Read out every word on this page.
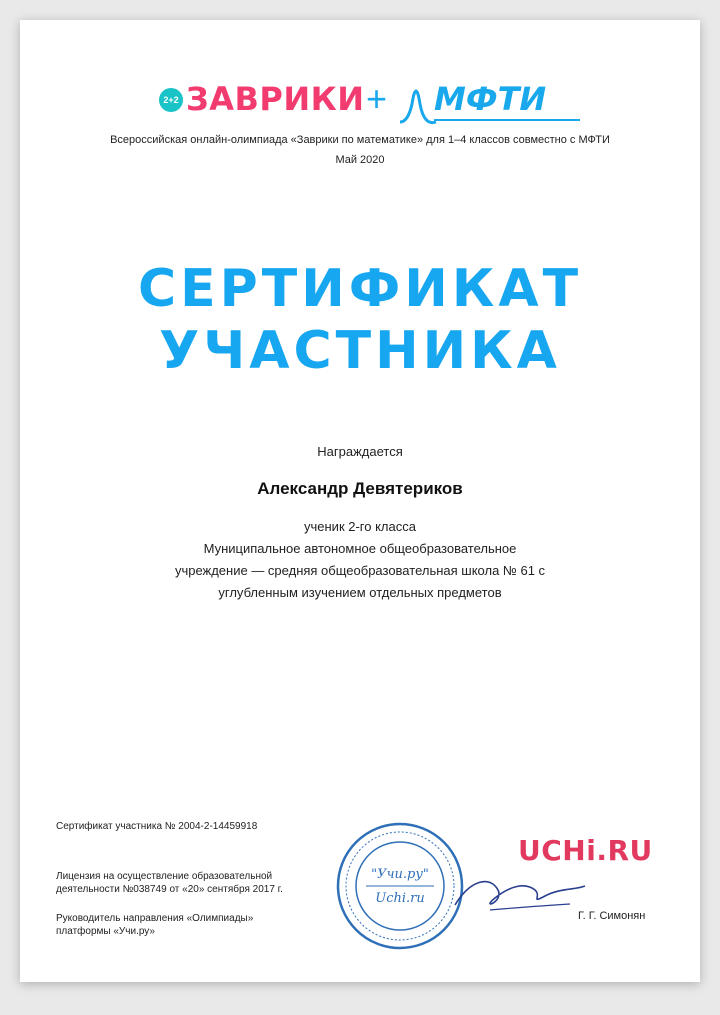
2+2 ЗАВРИКИ + МФТИ
Всероссийская онлайн-олимпиада «Заврики по математике» для 1–4 классов совместно с МФТИ
Май 2020
СЕРТИФИКАТ
УЧАСТНИКА
Награждается
Александр Девятериков
ученик 2-го класса
Муниципальное автономное общеобразовательное
учреждение — средняя общеобразовательная школа № 61 с
углубленным изучением отдельных предметов
Сертификат участника № 2004-2-14459918
Лицензия на осуществление образовательной
деятельности №038749 от «20» сентября 2017 г.
Руководитель направления «Олимпиады»
платформы «Учи.ру»
"Учи.ру"
Uchi.ru
UCHi.RU
Г. Г. Симонян
